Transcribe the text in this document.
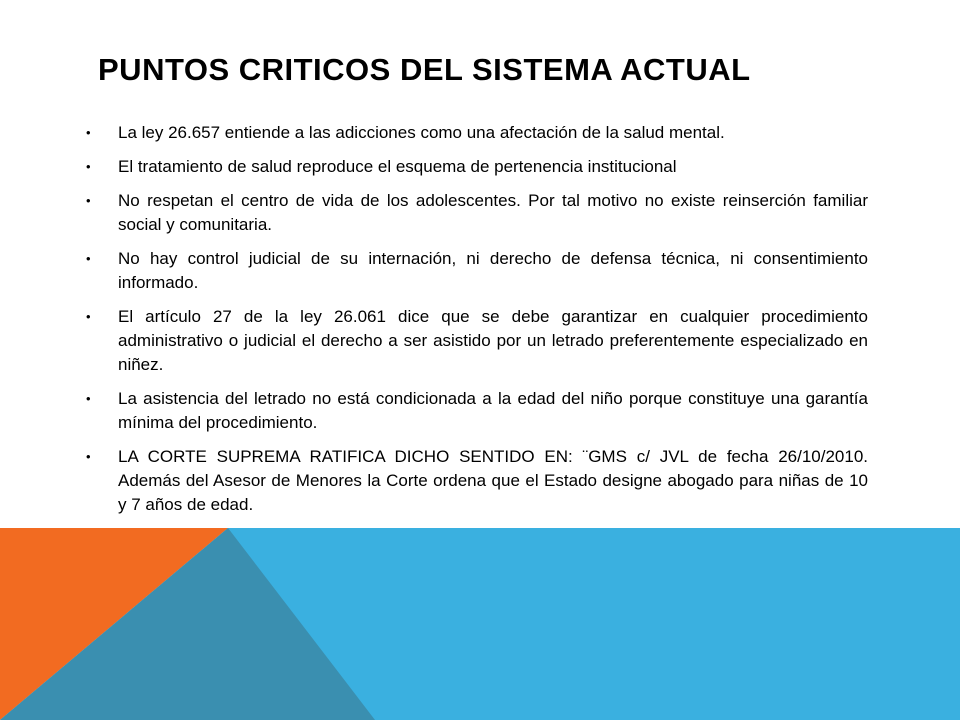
PUNTOS CRITICOS DEL SISTEMA ACTUAL
• La ley 26.657 entiende a las adicciones como una afectación de la salud mental.
• El tratamiento de salud reproduce el esquema de pertenencia institucional
• No respetan el centro de vida de los adolescentes. Por tal motivo no existe reinserción familiar social y comunitaria.
• No hay control judicial de su internación, ni derecho de defensa técnica, ni consentimiento informado.
• El artículo 27 de la ley 26.061 dice que se debe garantizar en cualquier procedimiento administrativo o judicial el derecho a ser asistido por un letrado preferentemente especializado en niñez.
• La asistencia del letrado no está condicionada a la edad del niño porque constituye una garantía mínima del procedimiento.
• LA CORTE SUPREMA RATIFICA DICHO SENTIDO EN: ¨GMS c/ JVL de fecha 26/10/2010. Además del Asesor de Menores la Corte ordena que el Estado designe abogado para niñas de 10 y 7 años de edad.
